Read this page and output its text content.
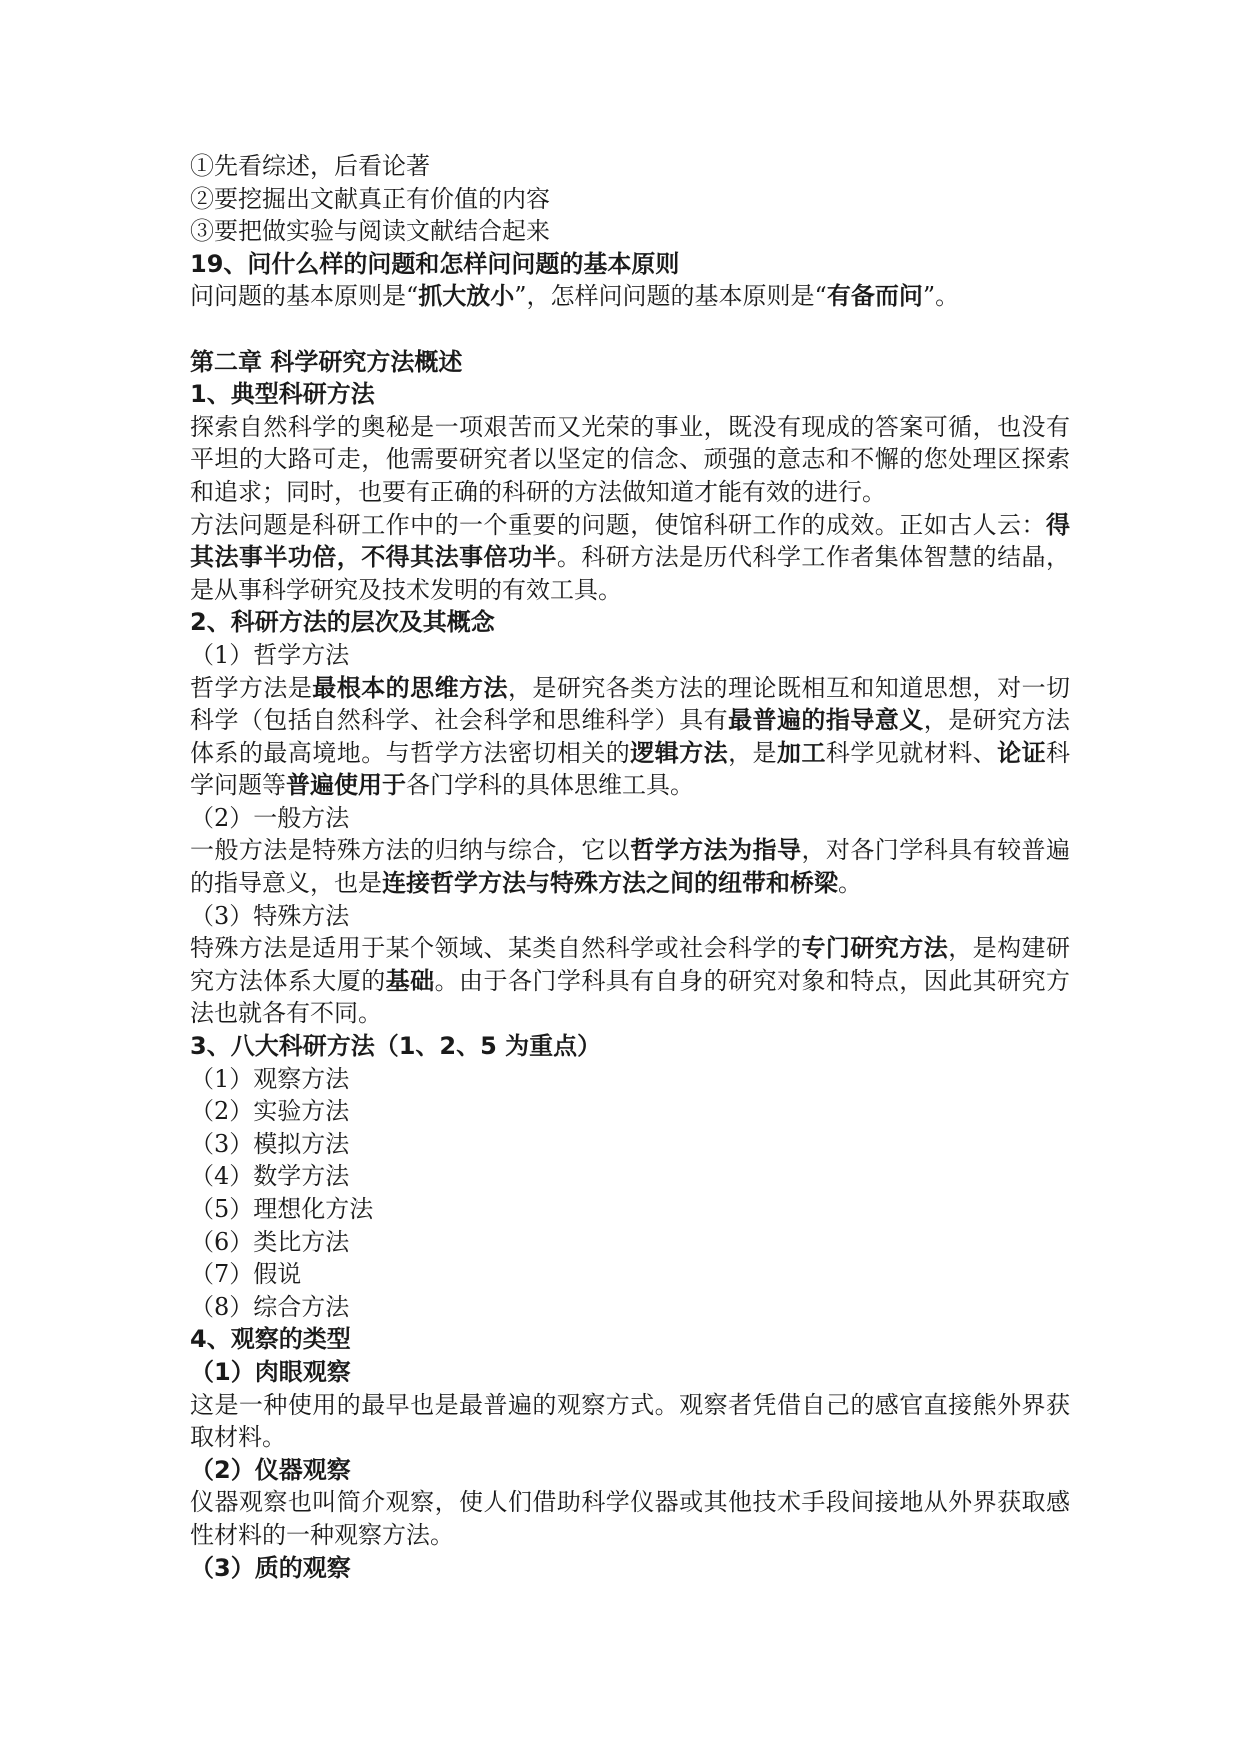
①先看综述，后看论著
②要挖掘出文献真正有价值的内容
③要把做实验与阅读文献结合起来
19、问什么样的问题和怎样问问题的基本原则
问问题的基本原则是“抓大放小”，怎样问问题的基本原则是“有备而问”。
第二章 科学研究方法概述
1、典型科研方法
探索自然科学的奥秘是一项艰苦而又光荣的事业，既没有现成的答案可循，也没有平坦的大路可走，他需要研究者以坚定的信念、顽强的意志和不懈的您处理区探索和追求；同时，也要有正确的科研的方法做知道才能有效的进行。
方法问题是科研工作中的一个重要的问题，使馆科研工作的成效。正如古人云：得其法事半功倍，不得其法事倍功半。科研方法是历代科学工作者集体智慧的结晶，是从事科学研究及技术发明的有效工具。
2、科研方法的层次及其概念
（1）哲学方法
哲学方法是最根本的思维方法，是研究各类方法的理论既相互和知道思想，对一切科学（包括自然科学、社会科学和思维科学）具有最普遍的指导意义，是研究方法体系的最高境地。与哲学方法密切相关的逻辑方法，是加工科学见就材料、论证科学问题等普遍使用于各门学科的具体思维工具。
（2）一般方法
一般方法是特殊方法的归纳与综合，它以哲学方法为指导，对各门学科具有较普遍的指导意义，也是连接哲学方法与特殊方法之间的纽带和桥梁。
（3）特殊方法
特殊方法是适用于某个领域、某类自然科学或社会科学的专门研究方法，是构建研究方法体系大厦的基础。由于各门学科具有自身的研究对象和特点，因此其研究方法也就各有不同。
3、八大科研方法（1、2、5 为重点）
（1）观察方法
（2）实验方法
（3）模拟方法
（4）数学方法
（5）理想化方法
（6）类比方法
（7）假说
（8）综合方法
4、观察的类型
（1）肉眼观察
这是一种使用的最早也是最普遍的观察方式。观察者凭借自己的感官直接熊外界获取材料。
（2）仪器观察
仪器观察也叫简介观察，使人们借助科学仪器或其他技术手段间接地从外界获取感性材料的一种观察方法。
（3）质的观察
